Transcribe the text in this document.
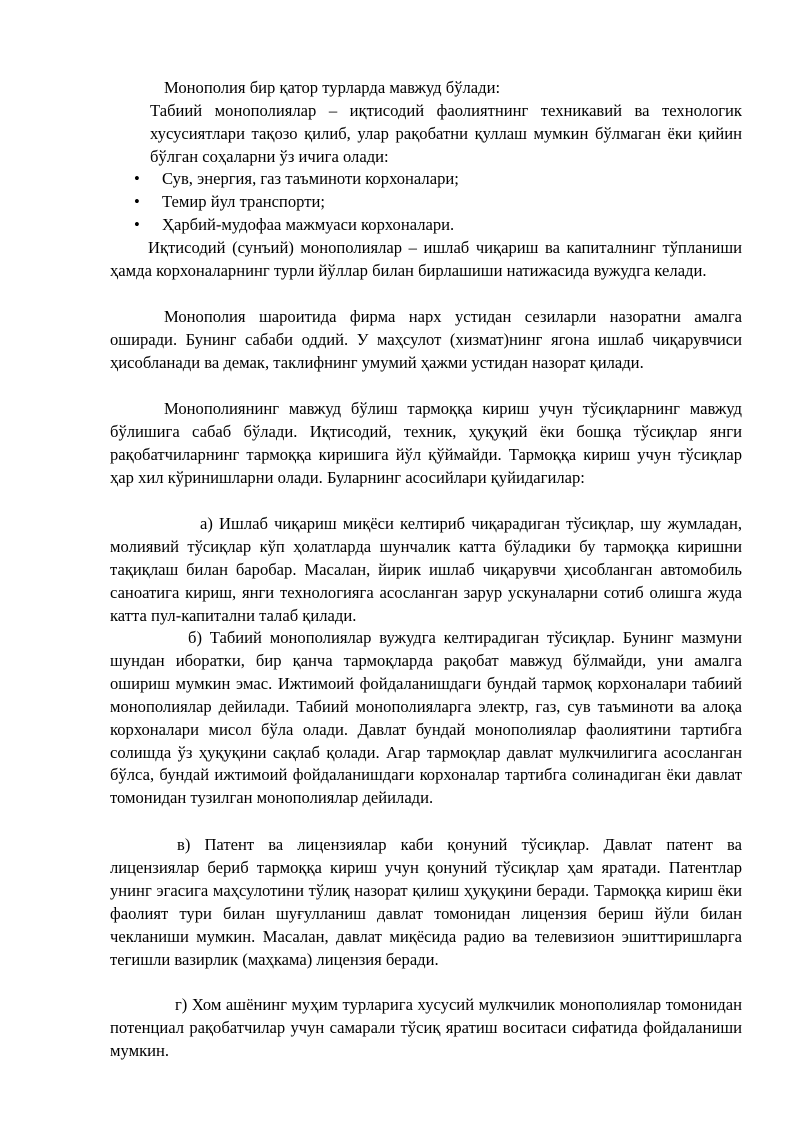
Монополия бир қатор турларда мавжуд бўлади:

Табиий монополиялар – иқтисодий фаолиятнинг техникавий ва технологик хусусиятлари тақозо қилиб, улар рақобатни қуллаш мумкин бўлмаган ёки қийин бўлган соҳаларни ўз ичига олади:

•
Сув, энергия, газ таъминоти корхоналари;
•
Темир йул транспорти;
•
Ҳарбий-мудофаа мажмуаси корхоналари.

Иқтисодий (сунъий) монополиялар – ишлаб чиқариш ва капиталнинг тўпланиши ҳамда корхоналарнинг турли йўллар билан бирлашиши натижасида вужудга келади.

Монополия шароитида фирма нарх устидан сезиларли назоратни амалга оширади. Бунинг сабаби оддий. У маҳсулот (хизмат)нинг ягона ишлаб чиқарувчиси ҳисобланади ва демак, таклифнинг умумий ҳажми устидан назорат қилади.

Монополиянинг мавжуд бўлиш тармоққа кириш учун тўсиқларнинг мавжуд бўлишига сабаб бўлади. Иқтисодий, техник, ҳуқуқий ёки бошқа тўсиқлар янги рақобатчиларнинг тармоққа киришига йўл қўймайди. Тармоққа кириш учун тўсиқлар ҳар хил кўринишларни олади. Буларнинг асосийлари қуйидагилар:

а) Ишлаб чиқариш миқёси келтириб чиқарадиган тўсиқлар, шу жумладан, молиявий тўсиқлар кўп ҳолатларда шунчалик катта бўладики бу тармоққа киришни тақиқлаш билан баробар. Масалан, йирик ишлаб чиқарувчи ҳисобланган автомобиль саноатига кириш, янги технологияга асосланган зарур ускуналарни сотиб олишга жуда катта пул-капитални талаб қилади.

б) Табиий монополиялар вужудга келтирадиган тўсиқлар. Бунинг мазмуни шундан иборатки, бир қанча тармоқларда рақобат мавжуд бўлмайди, уни амалга ошириш мумкин эмас. Ижтимоий фойдаланишдаги бундай тармоқ корхоналари табиий монополиялар дейилади. Табиий монополияларга электр, газ, сув таъминоти ва алоқа корхоналари мисол бўла олади. Давлат бундай монополиялар фаолиятини тартибга солишда ўз ҳуқуқини сақлаб қолади. Агар тармоқлар давлат мулкчилигига асосланган бўлса, бундай ижтимоий фойдаланишдаги корхоналар тартибга солинадиган ёки давлат томонидан тузилган монополиялар дейилади.

в) Патент ва лицензиялар каби қонуний тўсиқлар. Давлат патент ва лицензиялар бериб тармоққа кириш учун қонуний тўсиқлар ҳам яратади. Патентлар унинг эгасига маҳсулотини тўлиқ назорат қилиш ҳуқуқини беради. Тармоққа кириш ёки фаолият тури билан шуғулланиш давлат томонидан лицензия бериш йўли билан чекланиши мумкин. Масалан, давлат миқёсида радио ва телевизион эшиттиришларга тегишли вазирлик (маҳкама) лицензия беради.

г) Хом ашёнинг муҳим турларига хусусий мулкчилик монополиялар томонидан потенциал рақобатчилар учун самарали тўсиқ яратиш воситаси сифатида фойдаланиши мумкин.
